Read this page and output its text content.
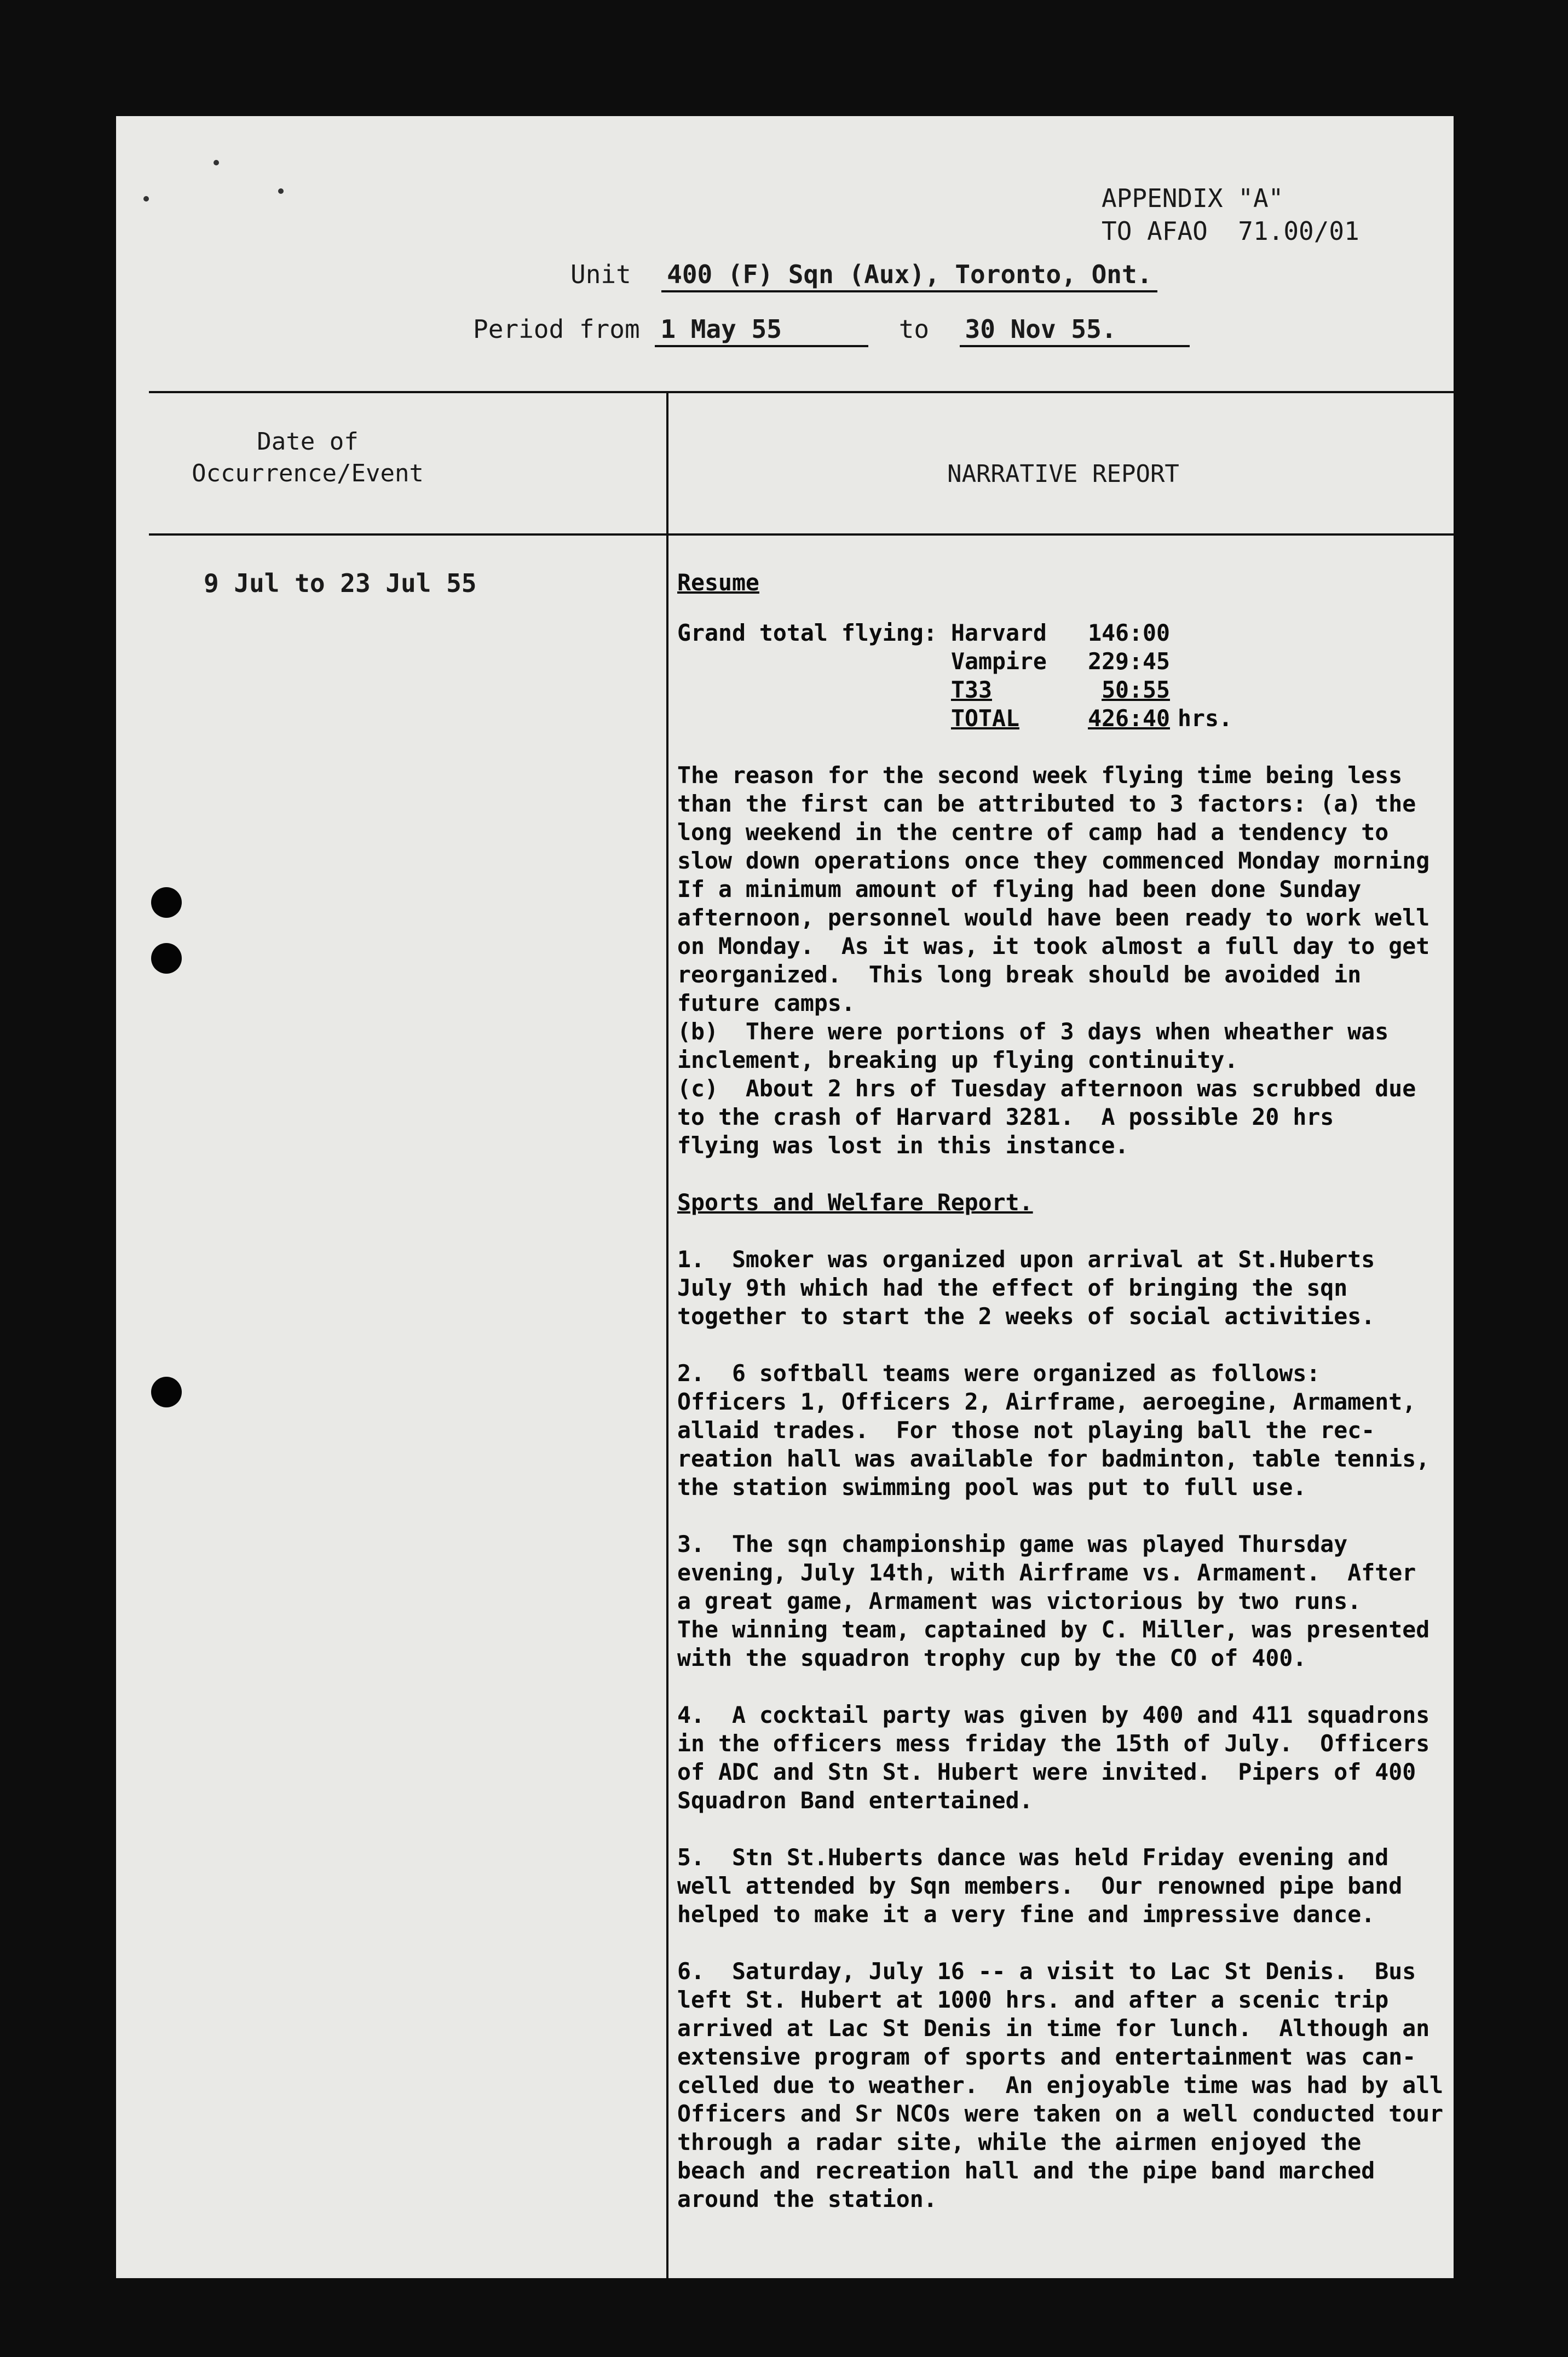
APPENDIX "A"
TO AFAO  71.00/01
Unit 400 (F) Sqn (Aux), Toronto, Ont.
Period from 1 May 55	to 30 Nov 55.
Date of
Occurrence/Event	NARRATIVE REPORT
9 Jul to 23 Jul 55	Resume

Grand total flying: Harvard	146:00
Vampire	229:45
T33	50:55
TOTAL	426:40 hrs.

The reason for the second week flying time being less
than the first can be attributed to 3 factors: (a) the
long weekend in the centre of camp had a tendency to
slow down operations once they commenced Monday morning
If a minimum amount of flying had been done Sunday
afternoon, personnel would have been ready to work well
on Monday.  As it was, it took almost a full day to get
reorganized.  This long break should be avoided in
future camps.

(b)  There were portions of 3 days when wheather was
inclement, breaking up flying continuity.

(c)  About 2 hrs of Tuesday afternoon was scrubbed due
to the crash of Harvard 3281.  A possible 20 hrs
flying was lost in this instance.

Sports and Welfare Report.

1.  Smoker was organized upon arrival at St.Huberts
July 9th which had the effect of bringing the sqn
together to start the 2 weeks of social activities.

2.  6 softball teams were organized as follows:
Officers 1, Officers 2, Airframe, aeroegine, Armament,
allaid trades.  For those not playing ball the rec-
reation hall was available for badminton, table tennis,
the station swimming pool was put to full use.

3.  The sqn championship game was played Thursday
evening, July 14th, with Airframe vs. Armament.  After
a great game, Armament was victorious by two runs.
The winning team, captained by C. Miller, was presented
with the squadron trophy cup by the CO of 400.

4.  A cocktail party was given by 400 and 411 squadrons
in the officers mess friday the 15th of July.  Officers
of ADC and Stn St. Hubert were invited.  Pipers of 400
Squadron Band entertained.

5.  Stn St.Huberts dance was held Friday evening and
well attended by Sqn members.  Our renowned pipe band
helped to make it a very fine and impressive dance.

6.  Saturday, July 16 -- a visit to Lac St Denis.  Bus
left St. Hubert at 1000 hrs. and after a scenic trip
arrived at Lac St Denis in time for lunch.  Although an
extensive program of sports and entertainment was can-
celled due to weather.  An enjoyable time was had by all
Officers and Sr NCOs were taken on a well conducted tour
through a radar site, while the airmen enjoyed the
beach and recreation hall and the pipe band marched
around the station.
